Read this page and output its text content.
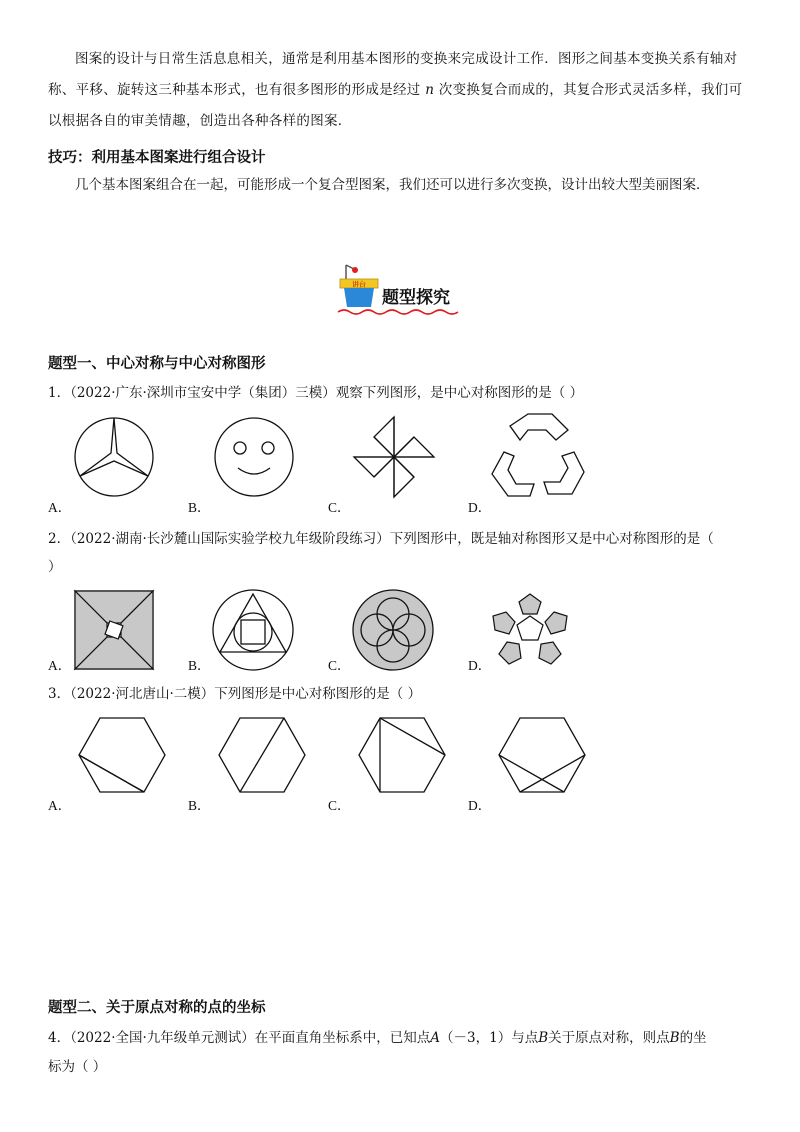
图案的设计与日常生活息息相关，通常是利用基本图形的变换来完成设计工作．图形之间基本变换关系有轴对称、平移、旋转这三种基本形式，也有很多图形的形成是经过 n 次变换复合而成的，其复合形式灵活多样，我们可以根据各自的审美情趣，创造出各种各样的图案．
技巧：利用基本图案进行组合设计
几个基本图案组合在一起，可能形成一个复合型图案，我们还可以进行多次变换，设计出较大型美丽图案．
讲台
题型探究
题型一、中心对称与中心对称图形
1．（2022·广东·深圳市宝安中学（集团）三模）观察下列图形，是中心对称图形的是（ ）
A．	B．	C．	D．
2．（2022·湖南·长沙麓山国际实验学校九年级阶段练习）下列图形中，既是轴对称图形又是中心对称图形的是（
）
A．	B．	C．	D．
3．（2022·河北唐山·二模）下列图形是中心对称图形的是（ ）
A．	B．	C．	D．
题型二、关于原点对称的点的坐标
4．（2022·全国·九年级单元测试）在平面直角坐标系中，已知点A（－3，1）与点B关于原点对称，则点B的坐
标为（ ）
